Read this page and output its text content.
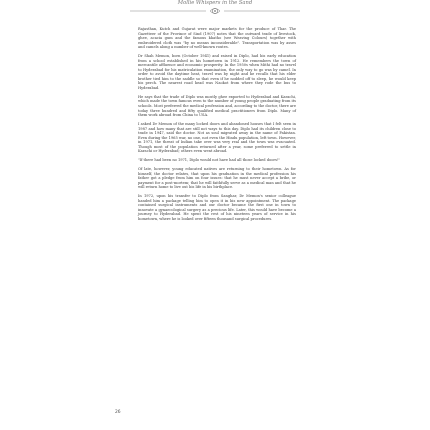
Mollie Whispers in the Sand

Rajasthan, Kutch and Gujarat were major markets for the produce of Thar. The Gazetteer of the Province of Sind (1907) notes that the outward trade of livestock, ghee, acacia gum and the famous khatho (see Weaving Colours) together with embroidered cloth was "by no means inconsiderable". Transportation was by asses and camels along a number of well-known routes.

Dr Shah Memon, born (October 1941) and raised in Diplo, had his early education from a school established in his hometown in 1912. He remembers the town of mercantile affluence and economic prosperity. In the 1950s when Mithi had no travel to Hyderabad for his matriculation examination, the only way to go was by camel. In order to avoid the daytime heat, travel was by night and he recalls that his elder brother tied him to the saddle so that even if he nodded off to sleep, he would keep his perch. The nearest road head was Naokot from where they rode the bus to Hyderabad.

He says that the trade of Diplo was mostly ghee exported to Hyderabad and Karachi, which made the town famous even to the number of young people graduating from its schools. Most preferred the medical profession and, according to the doctor, there are today three hundred and fifty qualified medical practitioners from Diplo. Many of them work abroad from China to USA.

I asked Dr Memon of the many locked doors and abandoned houses that I felt seen in 1987 and how many that are still not ways to this day. Diplo had its children close to trade in 1947, said the doctor. Not as soul migrated away in the name of Pakistan. Even during the 1965 war, no one, not even the Hindu population, left town. However, in 1971, the threat of Indian take over was very real and the town was evacuated. Though most of the population returned after a year, some preferred to settle in Karachi or Hyderabad; others even went abroad.

"If there had been no 1971, Diplo would not have had all those locked doors!"

Of late, however, young educated natives are returning to their hometown. As for himself, the doctor relates, that upon his graduation in the medical profession his father got a pledge from him on four issues: that he must never accept a bribe, or payment for a post-mortem; that he will faithfully serve as a medical man and that he will return home to live out his life in his birthplace.

In 1972, upon his transfer to Diplo from Sanghar, Dr Memon's senior colleague handed him a package telling him to open it in his new appointment. The package contained surgical instruments and our doctor became the first one in town to innovate a gynaecological surgery as a precious life. Later, this would have become a journey to Hyderabad. He spent the rest of his nineteen years of service in his hometown, where he is looked over fifteen thousand surgical procedures.

26
